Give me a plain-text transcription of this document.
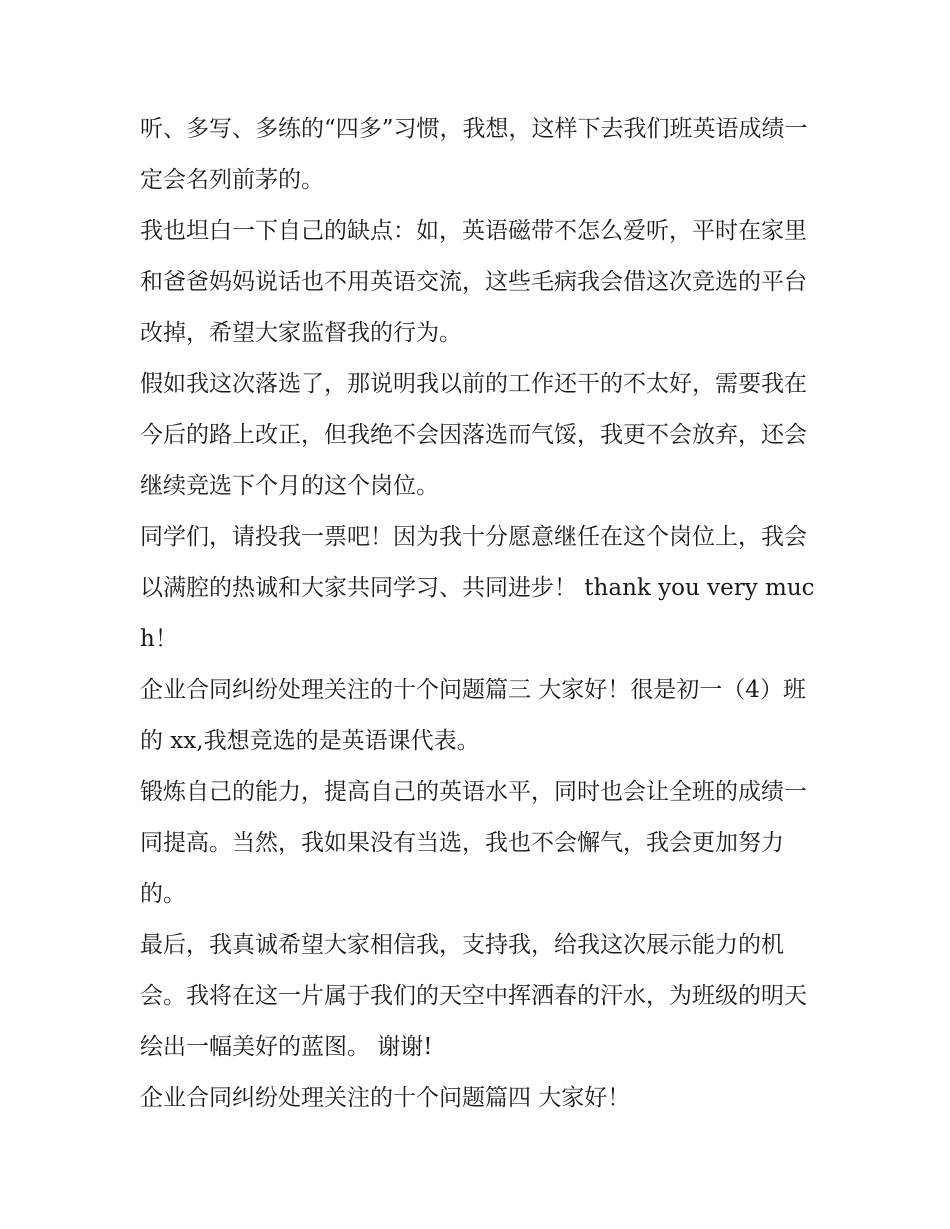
听、多写、多练的“四多”习惯，我想，这样下去我们班英语成绩一定会名列前茅的。

我也坦白一下自己的缺点：如，英语磁带不怎么爱听，平时在家里和爸爸妈妈说话也不用英语交流，这些毛病我会借这次竞选的平台改掉，希望大家监督我的行为。

假如我这次落选了，那说明我以前的工作还干的不太好，需要我在今后的路上改正，但我绝不会因落选而气馁，我更不会放弃，还会继续竞选下个月的这个岗位。

同学们，请投我一票吧！因为我十分愿意继任在这个岗位上，我会以满腔的热诚和大家共同学习、共同进步！ thank you very much！

企业合同纠纷处理关注的十个问题篇三 大家好！很是初一（4）班的 xx,我想竞选的是英语课代表。

锻炼自己的能力，提高自己的英语水平，同时也会让全班的成绩一同提高。当然，我如果没有当选，我也不会懈气，我会更加努力的。

最后，我真诚希望大家相信我，支持我，给我这次展示能力的机会。我将在这一片属于我们的天空中挥洒春的汗水，为班级的明天绘出一幅美好的蓝图。 谢谢!

企业合同纠纷处理关注的十个问题篇四 大家好！
